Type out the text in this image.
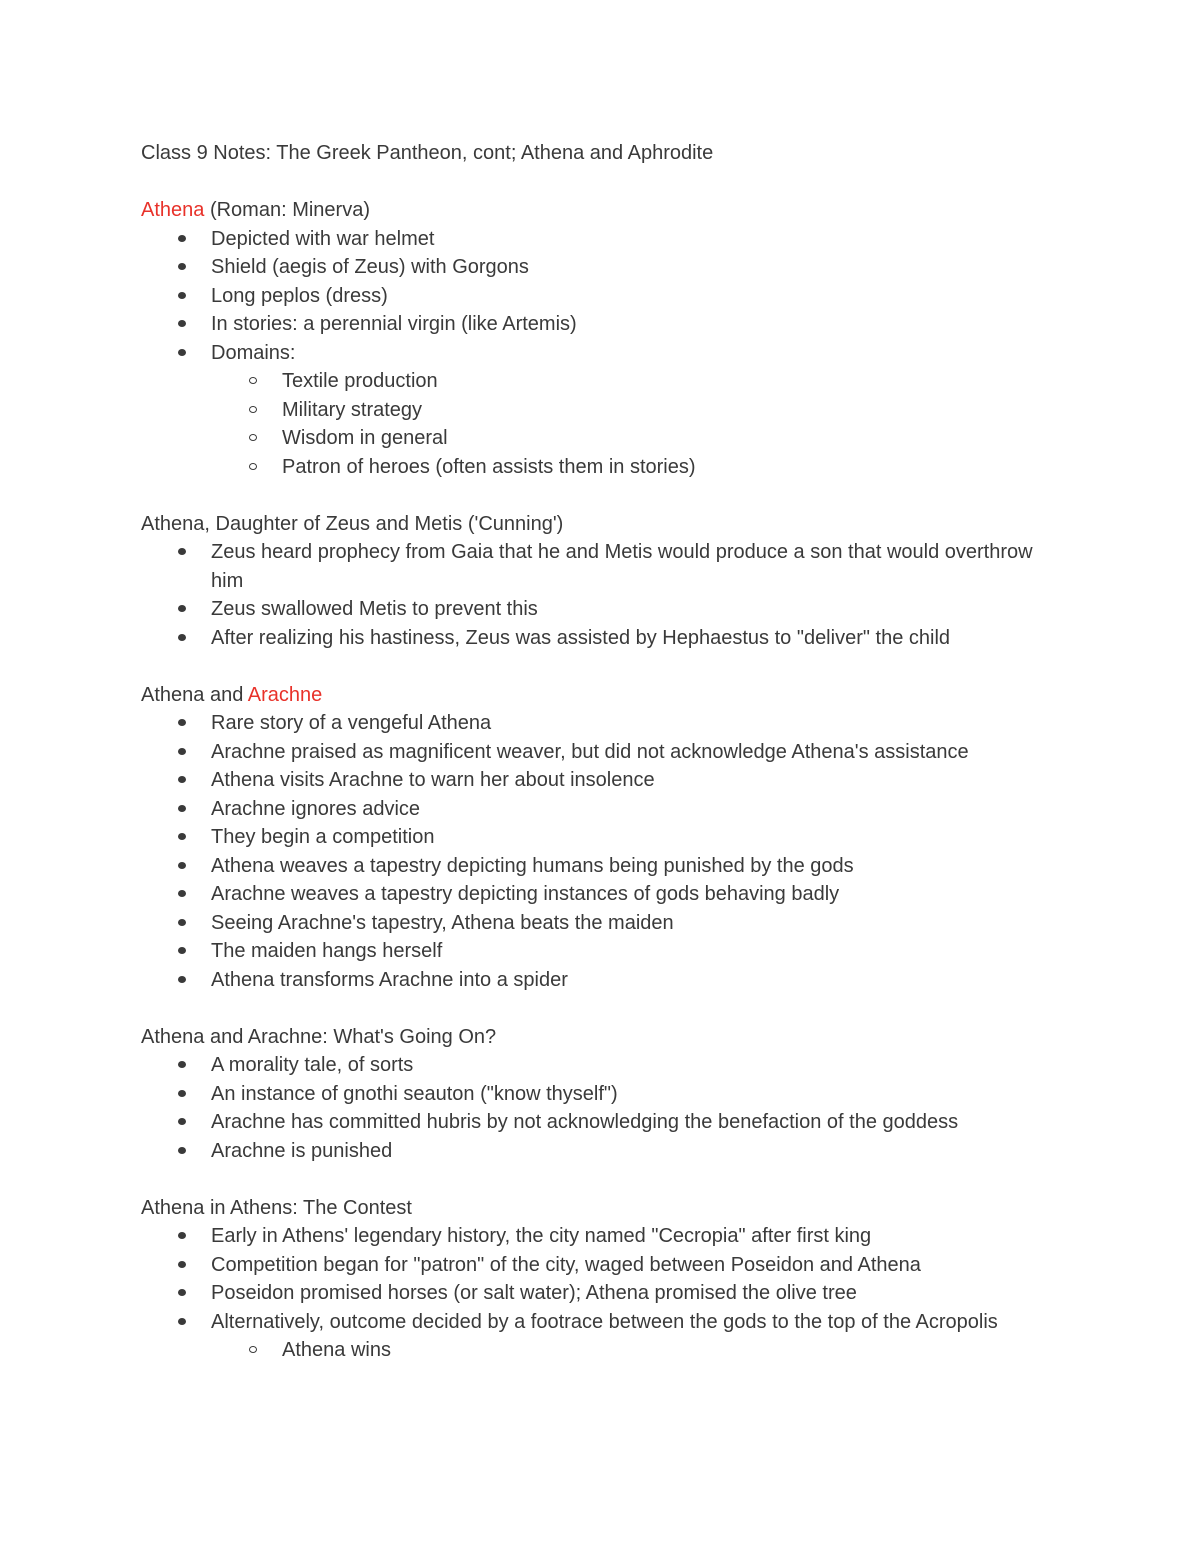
Class 9 Notes: The Greek Pantheon, cont; Athena and Aphrodite

Athena (Roman: Minerva)

Depicted with war helmet
Shield (aegis of Zeus) with Gorgons
Long peplos (dress)
In stories: a perennial virgin (like Artemis)
Domains:
Textile production
Military strategy
Wisdom in general
Patron of heroes (often assists them in stories)

Athena, Daughter of Zeus and Metis ('Cunning')

Zeus heard prophecy from Gaia that he and Metis would produce a son that would overthrow him
Zeus swallowed Metis to prevent this
After realizing his hastiness, Zeus was assisted by Hephaestus to "deliver" the child

Athena and Arachne

Rare story of a vengeful Athena
Arachne praised as magnificent weaver, but did not acknowledge Athena's assistance
Athena visits Arachne to warn her about insolence
Arachne ignores advice
They begin a competition
Athena weaves a tapestry depicting humans being punished by the gods
Arachne weaves a tapestry depicting instances of gods behaving badly
Seeing Arachne's tapestry, Athena beats the maiden
The maiden hangs herself
Athena transforms Arachne into a spider

Athena and Arachne: What's Going On?

A morality tale, of sorts
An instance of gnothi seauton ("know thyself")
Arachne has committed hubris by not acknowledging the benefaction of the goddess
Arachne is punished

Athena in Athens: The Contest

Early in Athens' legendary history, the city named "Cecropia" after first king
Competition began for "patron" of the city, waged between Poseidon and Athena
Poseidon promised horses (or salt water); Athena promised the olive tree
Alternatively, outcome decided by a footrace between the gods to the top of the Acropolis
Athena wins
